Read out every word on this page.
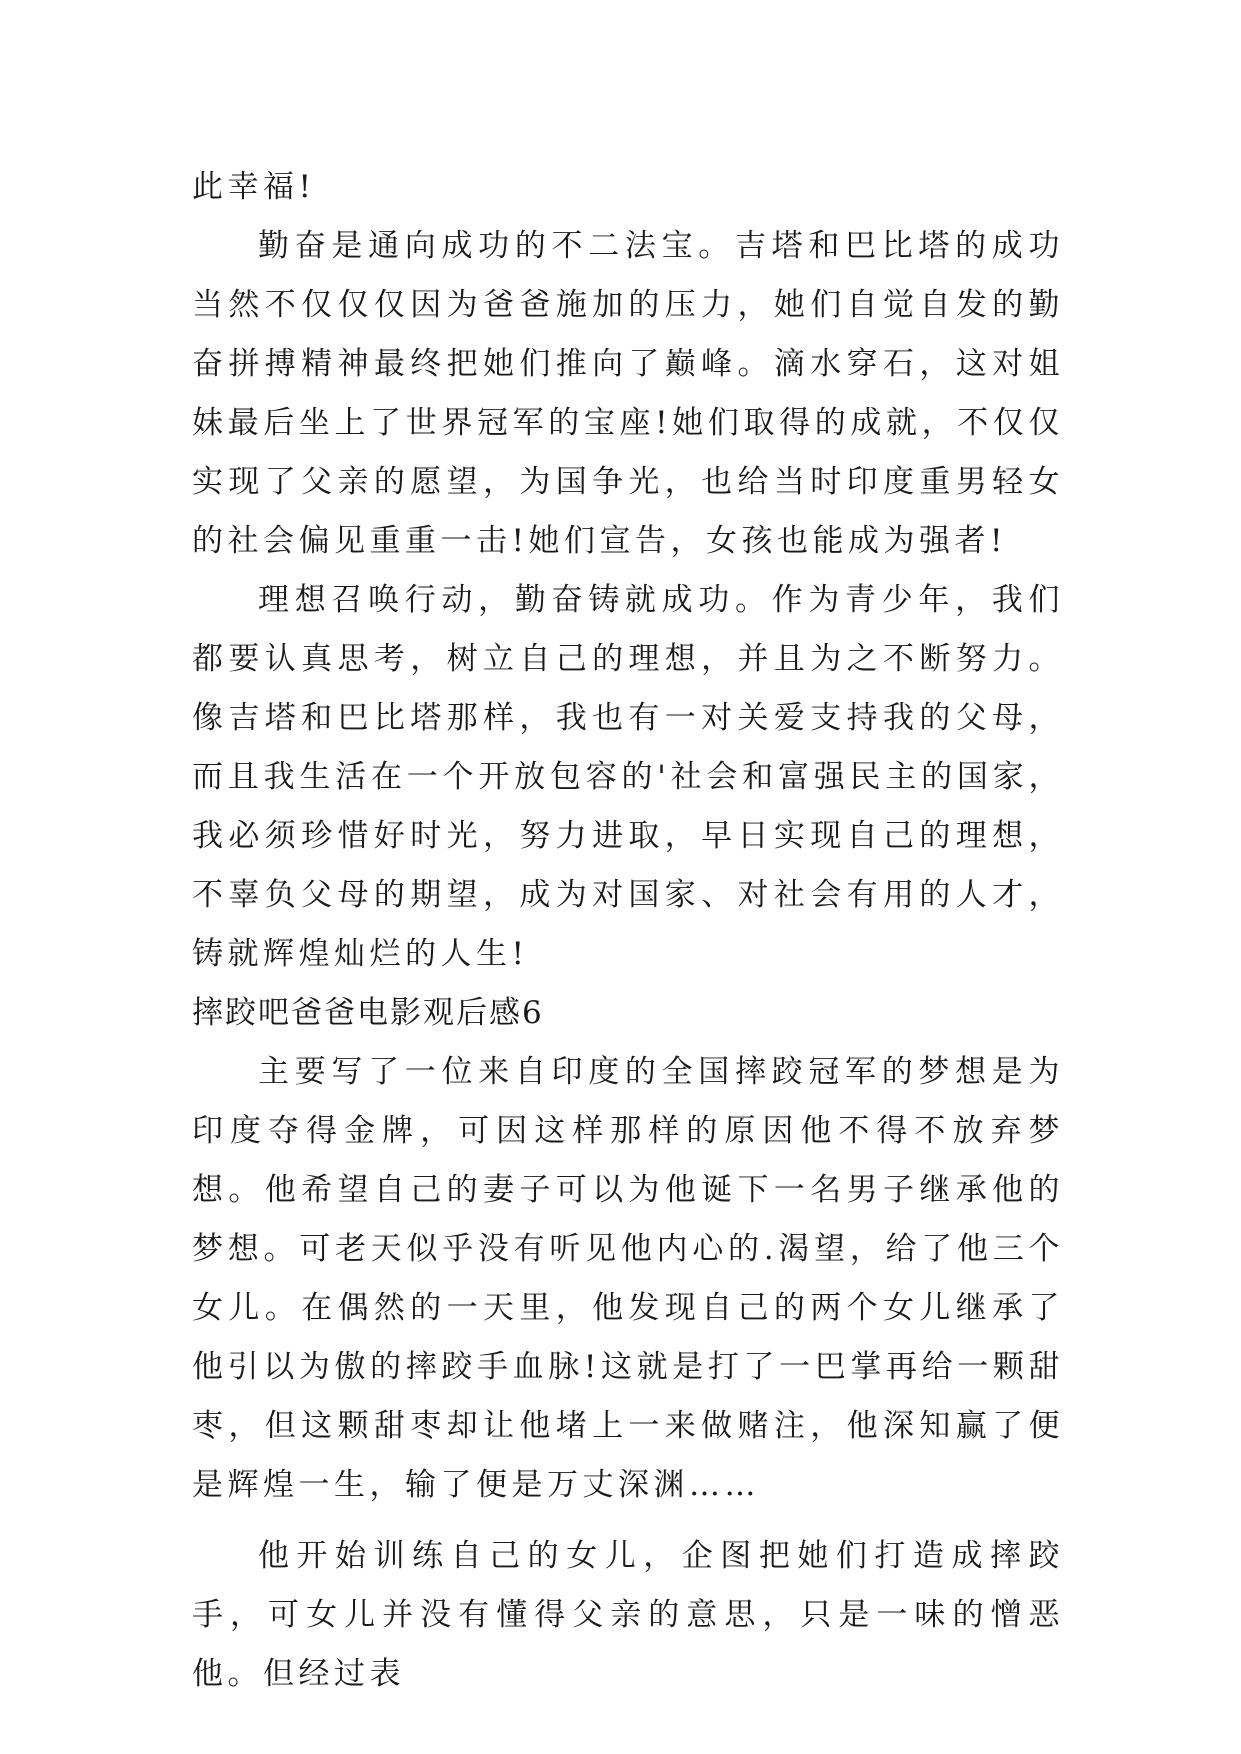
此幸福!

勤奋是通向成功的不二法宝。吉塔和巴比塔的成功当然不仅仅仅因为爸爸施加的压力，她们自觉自发的勤奋拼搏精神最终把她们推向了巅峰。滴水穿石，这对姐妹最后坐上了世界冠军的宝座!她们取得的成就，不仅仅实现了父亲的愿望，为国争光，也给当时印度重男轻女的社会偏见重重一击!她们宣告，女孩也能成为强者!

理想召唤行动，勤奋铸就成功。作为青少年，我们都要认真思考，树立自己的理想，并且为之不断努力。像吉塔和巴比塔那样，我也有一对关爱支持我的父母，而且我生活在一个开放包容的'社会和富强民主的国家，我必须珍惜好时光，努力进取，早日实现自己的理想，不辜负父母的期望，成为对国家、对社会有用的人才，铸就辉煌灿烂的人生!

摔跤吧爸爸电影观后感6

主要写了一位来自印度的全国摔跤冠军的梦想是为印度夺得金牌，可因这样那样的原因他不得不放弃梦想。他希望自己的妻子可以为他诞下一名男子继承他的梦想。可老天似乎没有听见他内心的.渴望，给了他三个女儿。在偶然的一天里，他发现自己的两个女儿继承了他引以为傲的摔跤手血脉!这就是打了一巴掌再给一颗甜枣，但这颗甜枣却让他堵上一来做赌注，他深知赢了便是辉煌一生，输了便是万丈深渊……

他开始训练自己的女儿，企图把她们打造成摔跤手，可女儿并没有懂得父亲的意思，只是一味的憎恶他。但经过表
